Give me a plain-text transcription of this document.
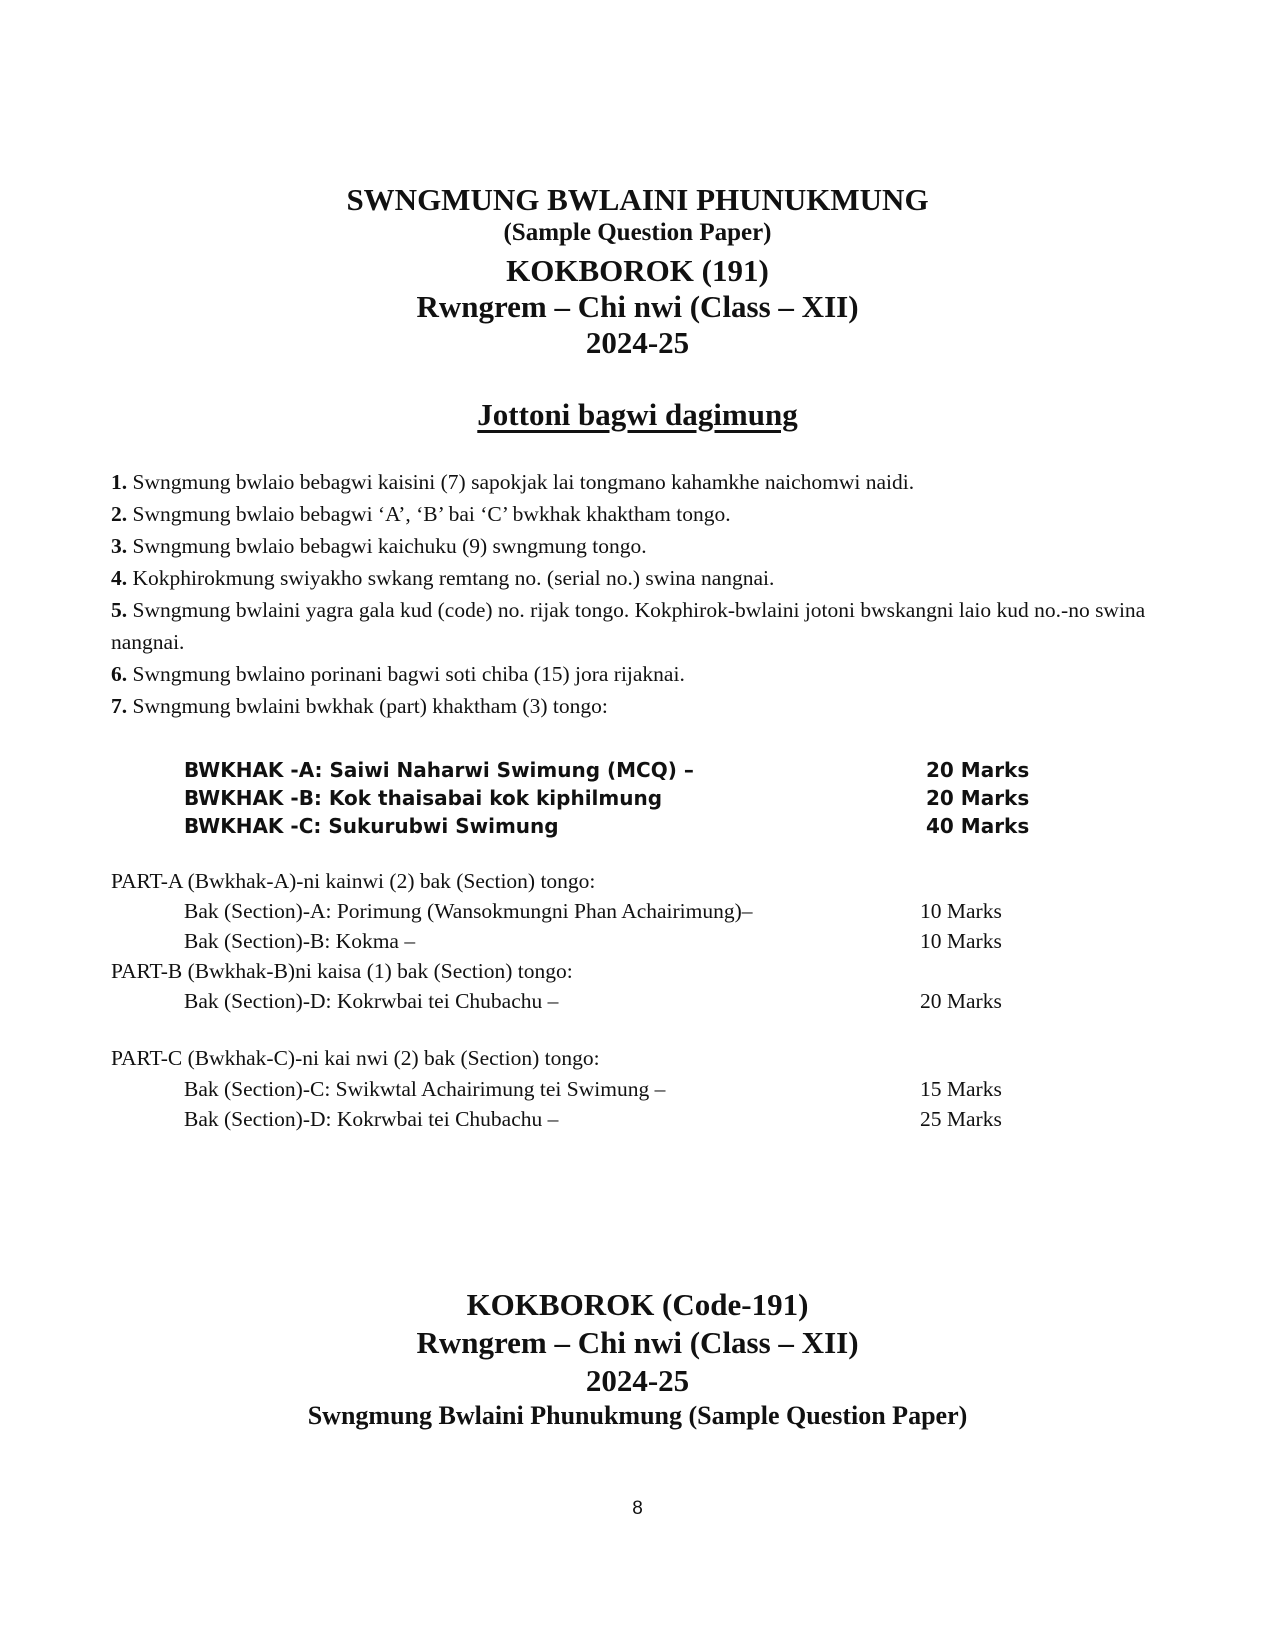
SWNGMUNG BWLAINI PHUNUKMUNG
(Sample Question Paper)
KOKBOROK (191)
Rwngrem – Chi nwi (Class – XII)
2024-25
Jottoni bagwi dagimung
1. Swngmung bwlaio bebagwi kaisini (7) sapokjak lai tongmano kahamkhe naichomwi naidi.
2. Swngmung bwlaio bebagwi ‘A’, ‘B’ bai ‘C’ bwkhak khaktham tongo.
3. Swngmung bwlaio bebagwi kaichuku (9) swngmung tongo.
4. Kokphirokmung swiyakho swkang remtang no. (serial no.) swina nangnai.
5. Swngmung bwlaini yagra gala kud (code) no. rijak tongo. Kokphirok-bwlaini jotoni bwskangni laio kud no.-no swina nangnai.
6. Swngmung bwlaino porinani bagwi soti chiba (15) jora rijaknai.
7. Swngmung bwlaini bwkhak (part) khaktham (3) tongo:
BWKHAK -A: Saiwi Naharwi Swimung (MCQ) –	20 Marks
BWKHAK -B: Kok thaisabai kok kiphilmung	20 Marks
BWKHAK -C: Sukurubwi Swimung	40 Marks
PART-A (Bwkhak-A)-ni kainwi (2) bak (Section) tongo:
Bak (Section)-A: Porimung (Wansokmungni Phan Achairimung)–	10 Marks
Bak (Section)-B: Kokma –	10 Marks
PART-B (Bwkhak-B)ni kaisa (1) bak (Section) tongo:
Bak (Section)-D: Kokrwbai tei Chubachu –	20 Marks
PART-C (Bwkhak-C)-ni kai nwi (2) bak (Section) tongo:
Bak (Section)-C: Swikwtal Achairimung tei Swimung –	15 Marks
Bak (Section)-D: Kokrwbai tei Chubachu –	25 Marks
KOKBOROK (Code-191)
Rwngrem – Chi nwi (Class – XII)
2024-25
Swngmung Bwlaini Phunukmung (Sample Question Paper)
8
